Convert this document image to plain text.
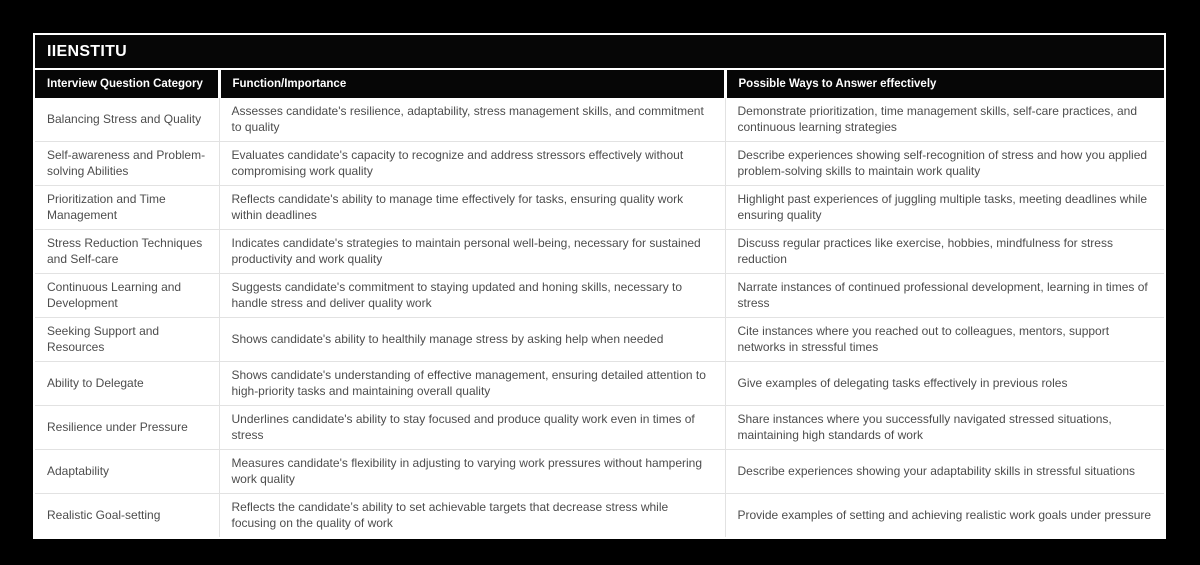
IIENSTITU
Interview Question Category	Function/Importance	Possible Ways to Answer effectively
Balancing Stress and Quality	Assesses candidate's resilience, adaptability, stress management skills, and commitment to quality	Demonstrate prioritization, time management skills, self-care practices, and continuous learning strategies
Self-awareness and Problem-solving Abilities	Evaluates candidate's capacity to recognize and address stressors effectively without compromising work quality	Describe experiences showing self-recognition of stress and how you applied problem-solving skills to maintain work quality
Prioritization and Time Management	Reflects candidate's ability to manage time effectively for tasks, ensuring quality work within deadlines	Highlight past experiences of juggling multiple tasks, meeting deadlines while ensuring quality
Stress Reduction Techniques and Self-care	Indicates candidate's strategies to maintain personal well-being, necessary for sustained productivity and work quality	Discuss regular practices like exercise, hobbies, mindfulness for stress reduction
Continuous Learning and Development	Suggests candidate's commitment to staying updated and honing skills, necessary to handle stress and deliver quality work	Narrate instances of continued professional development, learning in times of stress
Seeking Support and Resources	Shows candidate's ability to healthily manage stress by asking help when needed	Cite instances where you reached out to colleagues, mentors, support networks in stressful times
Ability to Delegate	Shows candidate's understanding of effective management, ensuring detailed attention to high-priority tasks and maintaining overall quality	Give examples of delegating tasks effectively in previous roles
Resilience under Pressure	Underlines candidate's ability to stay focused and produce quality work even in times of stress	Share instances where you successfully navigated stressed situations, maintaining high standards of work
Adaptability	Measures candidate's flexibility in adjusting to varying work pressures without hampering work quality	Describe experiences showing your adaptability skills in stressful situations
Realistic Goal-setting	Reflects the candidate’s ability to set achievable targets that decrease stress while focusing on the quality of work	Provide examples of setting and achieving realistic work goals under pressure
